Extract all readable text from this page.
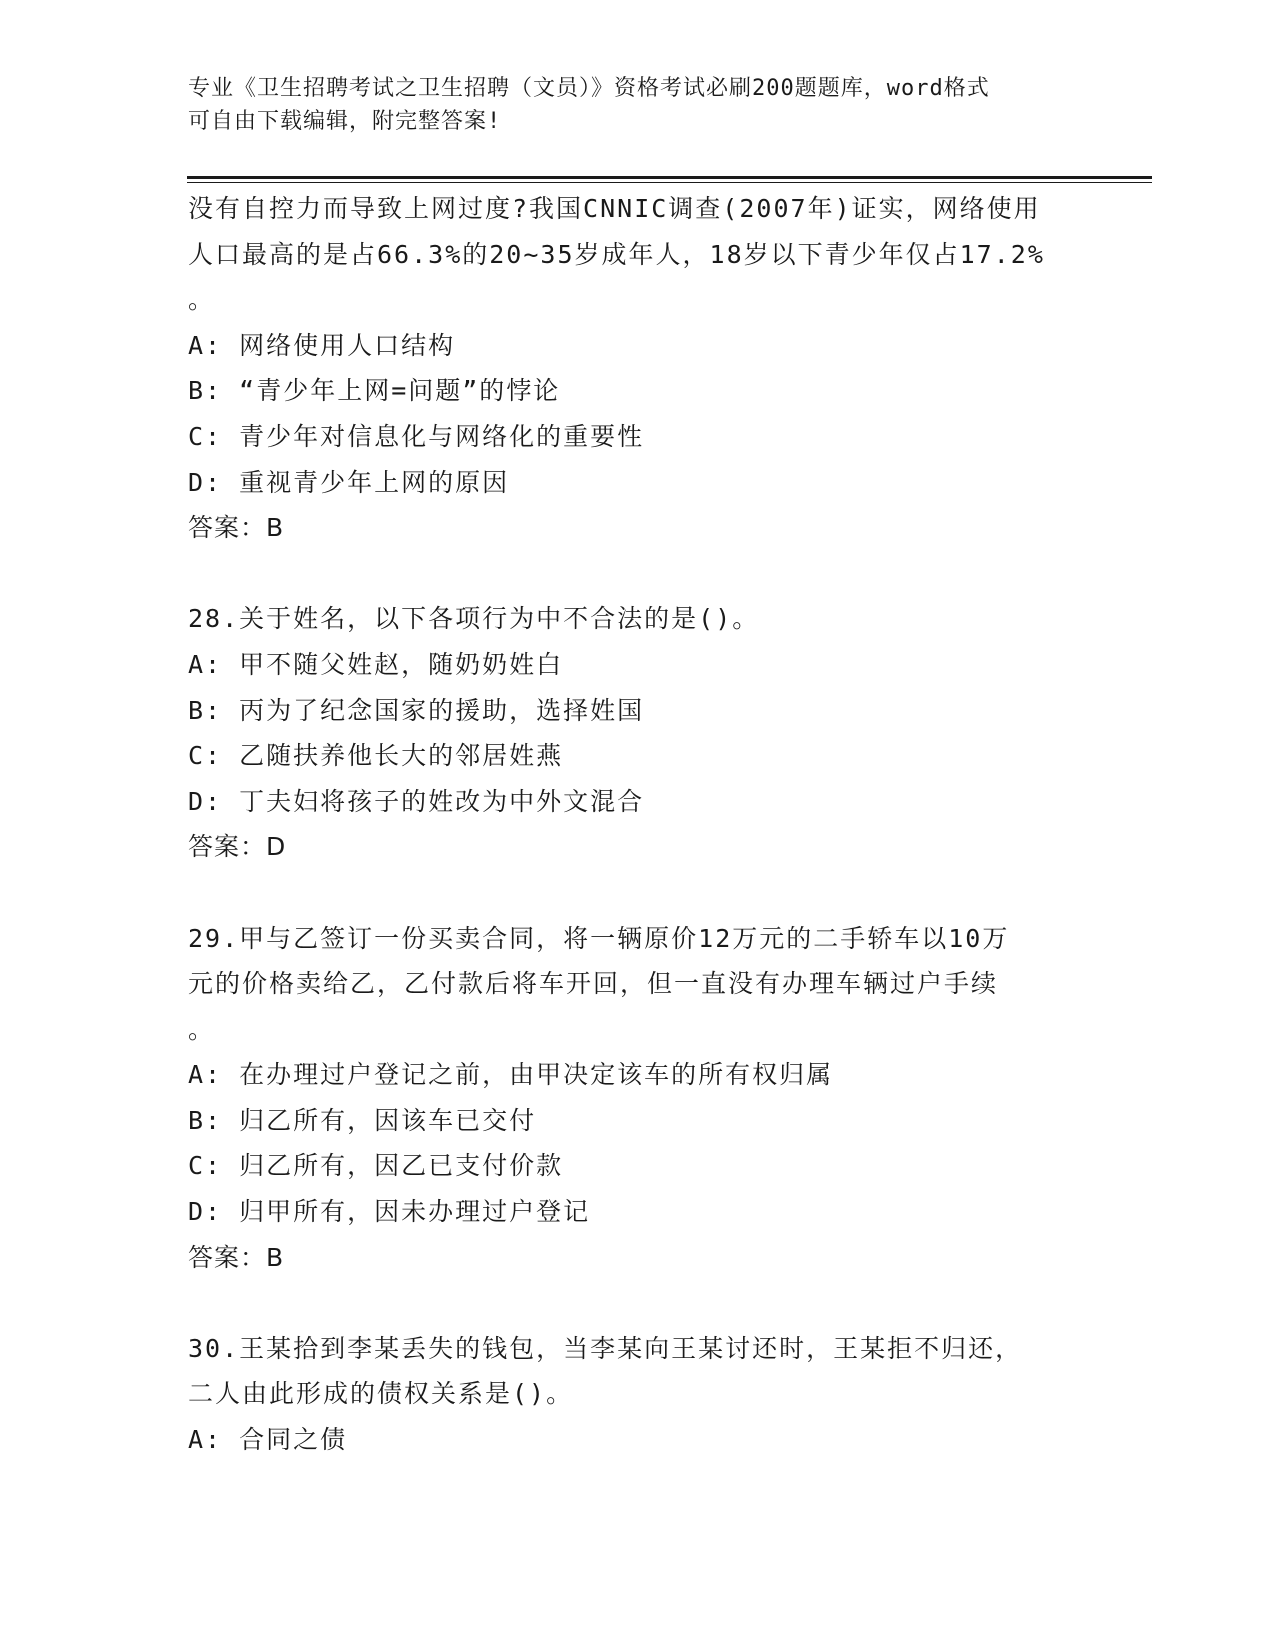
专业《卫生招聘考试之卫生招聘（文员）》资格考试必刷200题题库，word格式
可自由下载编辑，附完整答案!

没有自控力而导致上网过度?我国CNNIC调查(2007年)证实，网络使用

人口最高的是占66.3%的20~35岁成年人，18岁以下青少年仅占17.2%

。

A: 网络使用人口结构

B: “青少年上网=问题”的悖论

C: 青少年对信息化与网络化的重要性

D: 重视青少年上网的原因

答案：B

28.关于姓名，以下各项行为中不合法的是()。

A: 甲不随父姓赵，随奶奶姓白

B: 丙为了纪念国家的援助，选择姓国

C: 乙随扶养他长大的邻居姓燕

D: 丁夫妇将孩子的姓改为中外文混合

答案：D

29.甲与乙签订一份买卖合同，将一辆原价12万元的二手轿车以10万

元的价格卖给乙，乙付款后将车开回，但一直没有办理车辆过户手续

。

A: 在办理过户登记之前，由甲决定该车的所有权归属

B: 归乙所有，因该车已交付

C: 归乙所有，因乙已支付价款

D: 归甲所有，因未办理过户登记

答案：B

30.王某拾到李某丢失的钱包，当李某向王某讨还时，王某拒不归还，

二人由此形成的债权关系是()。

A: 合同之债
